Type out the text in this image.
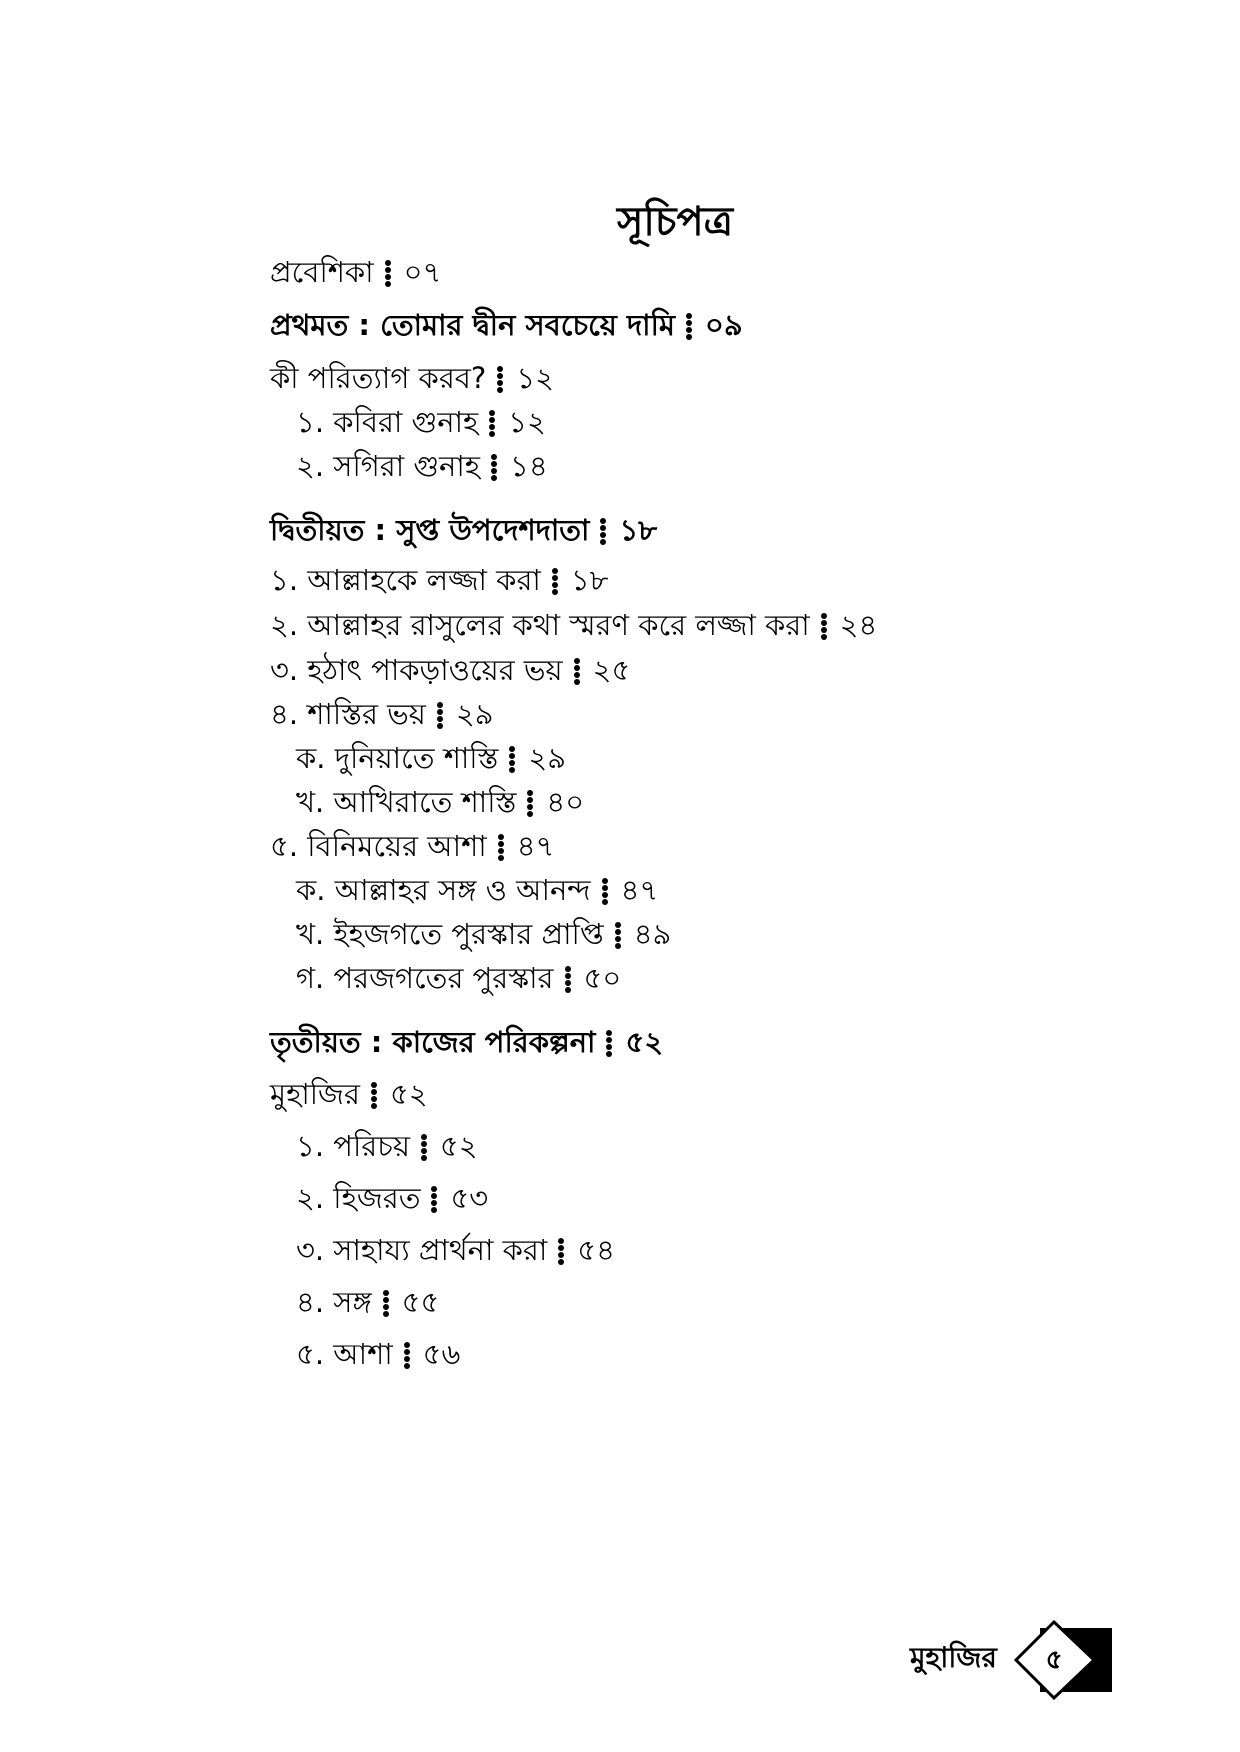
সূচিপত্র
প্রবেশিকা ০৭
প্রথমত : তোমার দ্বীন সবচেয়ে দামি ০৯
কী পরিত্যাগ করব? ১২
১. কবিরা গুনাহ ১২
২. সগিরা গুনাহ ১৪
দ্বিতীয়ত : সুপ্ত উপদেশদাতা ১৮
১. আল্লাহকে লজ্জা করা ১৮
২. আল্লাহর রাসুলের কথা স্মরণ করে লজ্জা করা ২৪
৩. হঠাৎ পাকড়াওয়ের ভয় ২৫
৪. শাস্তির ভয় ২৯
ক. দুনিয়াতে শাস্তি ২৯
খ. আখিরাতে শাস্তি ৪০
৫. বিনিময়ের আশা ৪৭
ক. আল্লাহর সঙ্গ ও আনন্দ ৪৭
খ. ইহজগতে পুরস্কার প্রাপ্তি ৪৯
গ. পরজগতের পুরস্কার ৫০
তৃতীয়ত : কাজের পরিকল্পনা ৫২
মুহাজির ৫২
১. পরিচয় ৫২
২. হিজরত ৫৩
৩. সাহায্য প্রার্থনা করা ৫৪
৪. সঙ্গ ৫৫
৫. আশা ৫৬
মুহাজির	৫
